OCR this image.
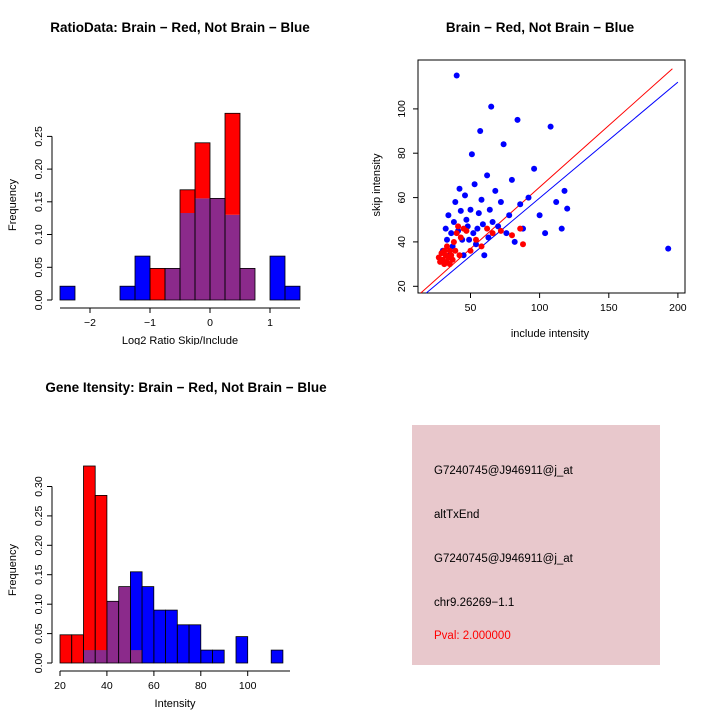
RatioData: Brain − Red, Not Brain − Blue
0.00
0.05
0.10
0.15
0.20
0.25
−2	−1	0	1
Log2 Ratio Skip/Include
Frequency
Brain − Red, Not Brain − Blue
20
40
60
80
100
50	100	150	200
include intensity
skip intensity
Gene Itensity: Brain − Red, Not Brain − Blue
0.00
0.05
0.10
0.15
0.20
0.25
0.30
20	40	60	80	100
Intensity
Frequency
G7240745@J946911@j_at
altTxEnd
G7240745@J946911@j_at
chr9.26269−1.1
Pval: 2.000000
